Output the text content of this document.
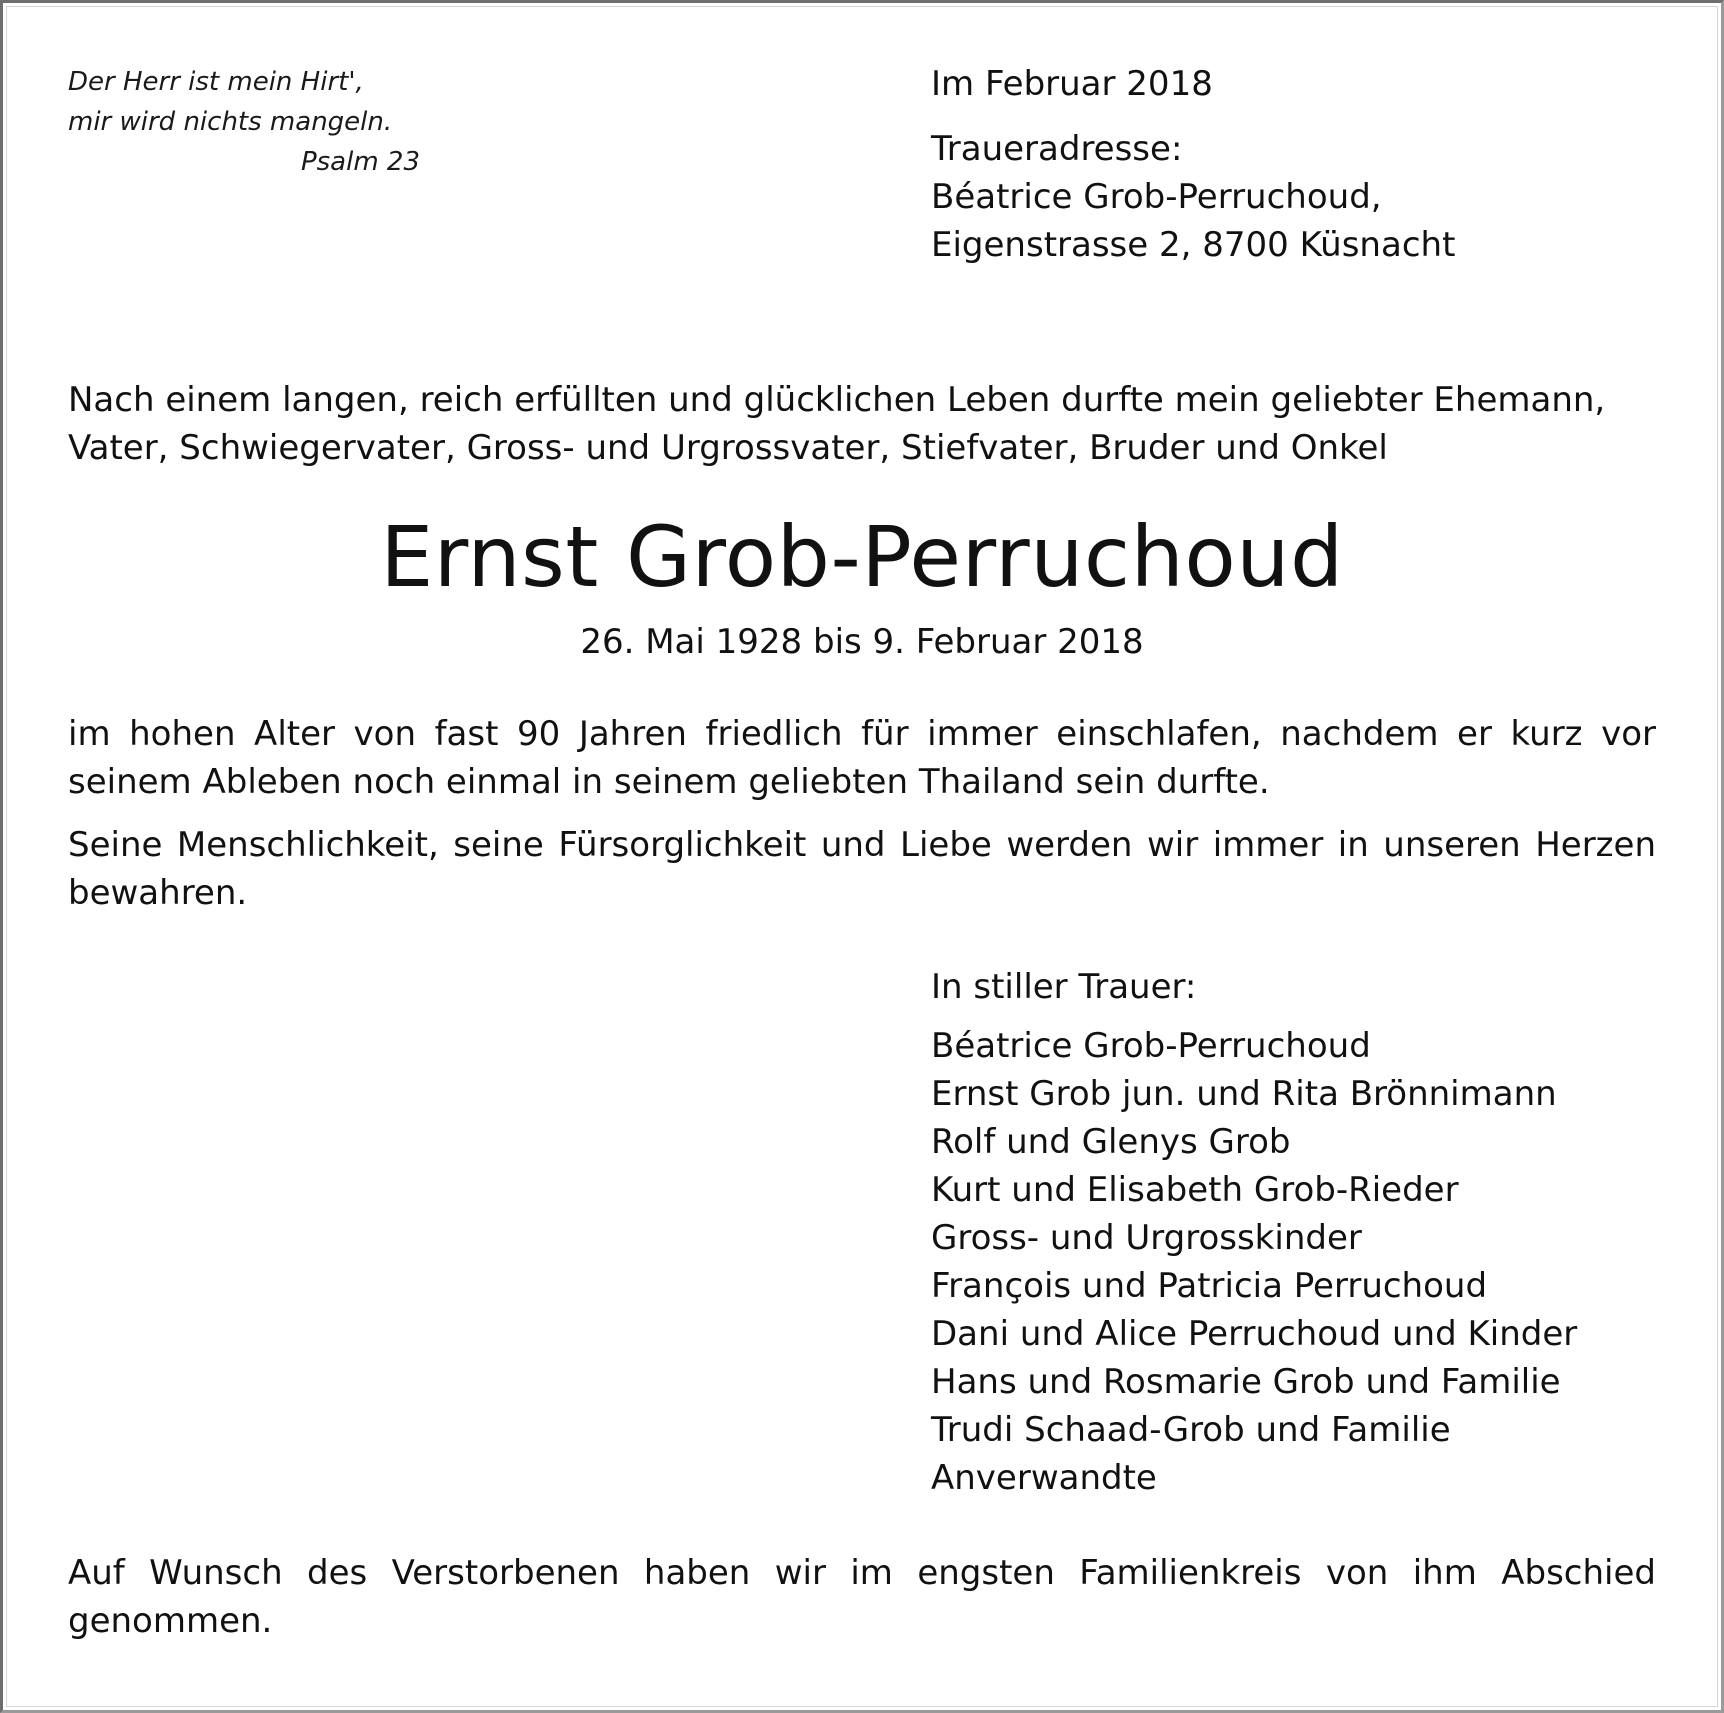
Der Herr ist mein Hirt',
mir wird nichts mangeln.
Psalm 23
Im Februar 2018
Traueradresse:
Béatrice Grob-Perruchoud,
Eigenstrasse 2, 8700 Küsnacht
Nach einem langen, reich erfüllten und glücklichen Leben durfte mein geliebter Ehemann,
Vater, Schwiegervater, Gross- und Urgrossvater, Stiefvater, Bruder und Onkel
Ernst Grob-Perruchoud
26. Mai 1928 bis 9. Februar 2018
im hohen Alter von fast 90 Jahren friedlich für immer einschlafen, nachdem er kurz vor seinem Ableben noch einmal in seinem geliebten Thailand sein durfte.
Seine Menschlichkeit, seine Fürsorglichkeit und Liebe werden wir immer in unseren Herzen bewahren.
In stiller Trauer:
Béatrice Grob-Perruchoud
Ernst Grob jun. und Rita Brönnimann
Rolf und Glenys Grob
Kurt und Elisabeth Grob-Rieder
Gross- und Urgrosskinder
François und Patricia Perruchoud
Dani und Alice Perruchoud und Kinder
Hans und Rosmarie Grob und Familie
Trudi Schaad-Grob und Familie
Anverwandte
Auf Wunsch des Verstorbenen haben wir im engsten Familienkreis von ihm Abschied genommen.
